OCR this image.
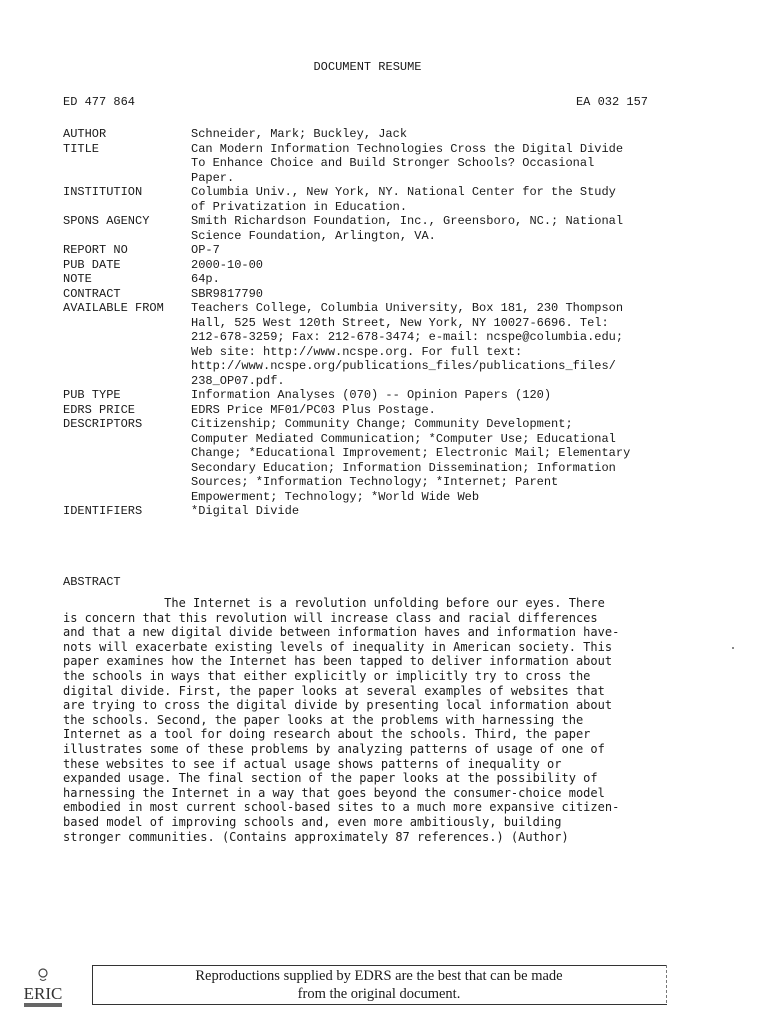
DOCUMENT RESUME
ED 477 864	EA 032 157
AUTHOR	Schneider, Mark; Buckley, Jack
TITLE	Can Modern Information Technologies Cross the Digital Divide
To Enhance Choice and Build Stronger Schools? Occasional
Paper.
INSTITUTION	Columbia Univ., New York, NY. National Center for the Study
of Privatization in Education.
SPONS AGENCY	Smith Richardson Foundation, Inc., Greensboro, NC.; National
Science Foundation, Arlington, VA.
REPORT NO	OP-7
PUB DATE	2000-10-00
NOTE	64p.
CONTRACT	SBR9817790
AVAILABLE FROM	Teachers College, Columbia University, Box 181, 230 Thompson
Hall, 525 West 120th Street, New York, NY 10027-6696. Tel:
212-678-3259; Fax: 212-678-3474; e-mail: ncspe@columbia.edu;
Web site: http://www.ncspe.org. For full text:
http://www.ncspe.org/publications_files/publications_files/
238_OP07.pdf.
PUB TYPE	Information Analyses (070) -- Opinion Papers (120)
EDRS PRICE	EDRS Price MF01/PC03 Plus Postage.
DESCRIPTORS	Citizenship; Community Change; Community Development;
Computer Mediated Communication; *Computer Use; Educational
Change; *Educational Improvement; Electronic Mail; Elementary
Secondary Education; Information Dissemination; Information
Sources; *Information Technology; *Internet; Parent
Empowerment; Technology; *World Wide Web
IDENTIFIERS	*Digital Divide
ABSTRACT
The Internet is a revolution unfolding before our eyes. There
is concern that this revolution will increase class and racial differences
and that a new digital divide between information haves and information have-
nots will exacerbate existing levels of inequality in American society. This
paper examines how the Internet has been tapped to deliver information about
the schools in ways that either explicitly or implicitly try to cross the
digital divide. First, the paper looks at several examples of websites that
are trying to cross the digital divide by presenting local information about
the schools. Second, the paper looks at the problems with harnessing the
Internet as a tool for doing research about the schools. Third, the paper
illustrates some of these problems by analyzing patterns of usage of one of
these websites to see if actual usage shows patterns of inequality or
expanded usage. The final section of the paper looks at the possibility of
harnessing the Internet in a way that goes beyond the consumer-choice model
embodied in most current school-based sites to a much more expansive citizen-
based model of improving schools and, even more ambitiously, building
stronger communities. (Contains approximately 87 references.) (Author)
ERIC
Reproductions supplied by EDRS are the best that can be made
from the original document.
